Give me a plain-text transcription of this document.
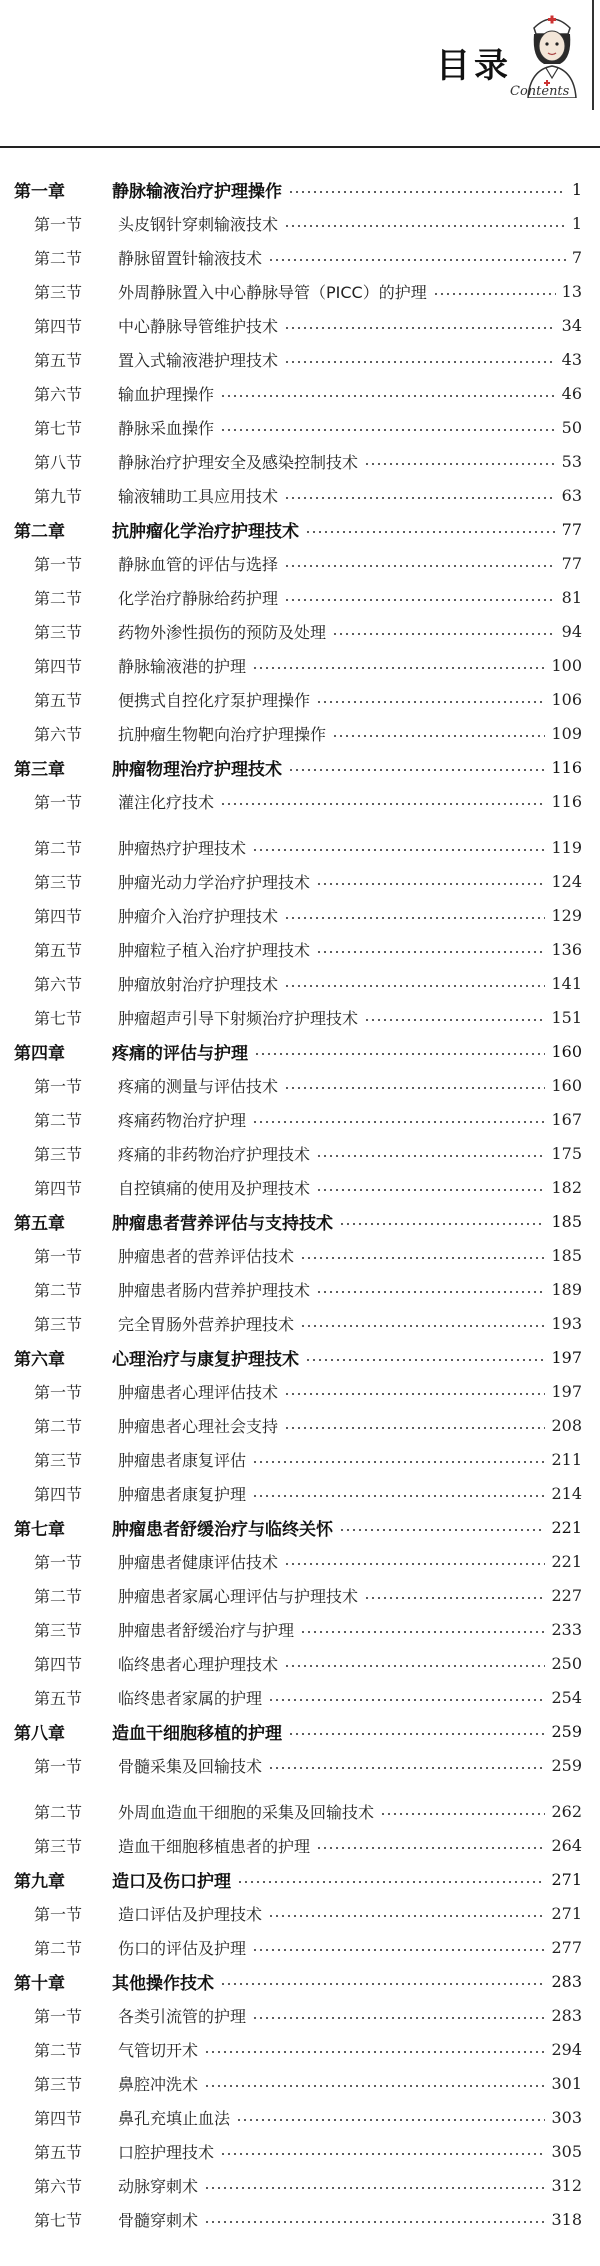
目录
Contents
第一章	静脉输液治疗护理操作	1
第一节 头皮钢针穿刺输液技术	1
第二节 静脉留置针输液技术	7
第三节 外周静脉置入中心静脉导管（PICC）的护理	13
第四节 中心静脉导管维护技术	34
第五节 置入式输液港护理技术	43
第六节 输血护理操作	46
第七节 静脉采血操作	50
第八节 静脉治疗护理安全及感染控制技术	53
第九节 输液辅助工具应用技术	63
第二章	抗肿瘤化学治疗护理技术	77
第一节 静脉血管的评估与选择	77
第二节 化学治疗静脉给药护理	81
第三节 药物外渗性损伤的预防及处理	94
第四节 静脉输液港的护理	100
第五节 便携式自控化疗泵护理操作	106
第六节 抗肿瘤生物靶向治疗护理操作	109
第三章	肿瘤物理治疗护理技术	116
第一节 灌注化疗技术	116
第二节 肿瘤热疗护理技术	119
第三节 肿瘤光动力学治疗护理技术	124
第四节 肿瘤介入治疗护理技术	129
第五节 肿瘤粒子植入治疗护理技术	136
第六节 肿瘤放射治疗护理技术	141
第七节 肿瘤超声引导下射频治疗护理技术	151
第四章	疼痛的评估与护理	160
第一节 疼痛的测量与评估技术	160
第二节 疼痛药物治疗护理	167
第三节 疼痛的非药物治疗护理技术	175
第四节 自控镇痛的使用及护理技术	182
第五章	肿瘤患者营养评估与支持技术	185
第一节 肿瘤患者的营养评估技术	185
第二节 肿瘤患者肠内营养护理技术	189
第三节 完全胃肠外营养护理技术	193
第六章	心理治疗与康复护理技术	197
第一节 肿瘤患者心理评估技术	197
第二节 肿瘤患者心理社会支持	208
第三节 肿瘤患者康复评估	211
第四节 肿瘤患者康复护理	214
第七章	肿瘤患者舒缓治疗与临终关怀	221
第一节 肿瘤患者健康评估技术	221
第二节 肿瘤患者家属心理评估与护理技术	227
第三节 肿瘤患者舒缓治疗与护理	233
第四节 临终患者心理护理技术	250
第五节 临终患者家属的护理	254
第八章	造血干细胞移植的护理	259
第一节 骨髓采集及回输技术	259
第二节 外周血造血干细胞的采集及回输技术	262
第三节 造血干细胞移植患者的护理	264
第九章	造口及伤口护理	271
第一节 造口评估及护理技术	271
第二节 伤口的评估及护理	277
第十章	其他操作技术	283
第一节 各类引流管的护理	283
第二节 气管切开术	294
第三节 鼻腔冲洗术	301
第四节 鼻孔充填止血法	303
第五节 口腔护理技术	305
第六节 动脉穿刺术	312
第七节 骨髓穿刺术	318
